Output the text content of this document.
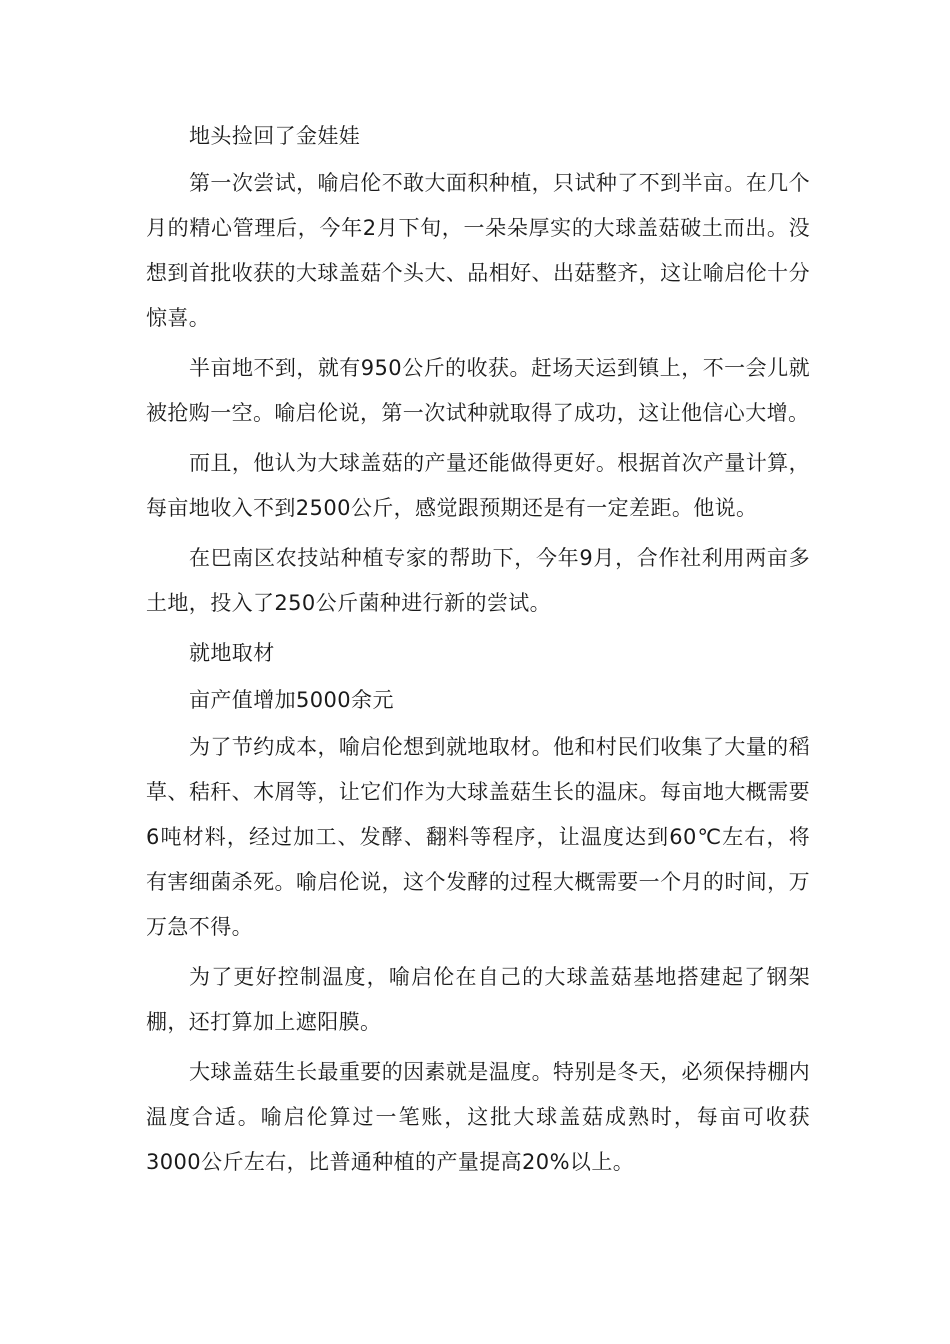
地头捡回了金娃娃

第一次尝试，喻启伦不敢大面积种植，只试种了不到半亩。在几个月的精心管理后，今年2月下旬，一朵朵厚实的大球盖菇破土而出。没想到首批收获的大球盖菇个头大、品相好、出菇整齐，这让喻启伦十分惊喜。

半亩地不到，就有950公斤的收获。赶场天运到镇上，不一会儿就被抢购一空。喻启伦说，第一次试种就取得了成功，这让他信心大增。

而且，他认为大球盖菇的产量还能做得更好。根据首次产量计算，每亩地收入不到2500公斤，感觉跟预期还是有一定差距。他说。

在巴南区农技站种植专家的帮助下，今年9月，合作社利用两亩多土地，投入了250公斤菌种进行新的尝试。

就地取材

亩产值增加5000余元

为了节约成本，喻启伦想到就地取材。他和村民们收集了大量的稻草、秸秆、木屑等，让它们作为大球盖菇生长的温床。每亩地大概需要6吨材料，经过加工、发酵、翻料等程序，让温度达到60℃左右，将有害细菌杀死。喻启伦说，这个发酵的过程大概需要一个月的时间，万万急不得。

为了更好控制温度，喻启伦在自己的大球盖菇基地搭建起了钢架棚，还打算加上遮阳膜。

大球盖菇生长最重要的因素就是温度。特别是冬天，必须保持棚内温度合适。喻启伦算过一笔账，这批大球盖菇成熟时，每亩可收获3000公斤左右，比普通种植的产量提高20%以上。
